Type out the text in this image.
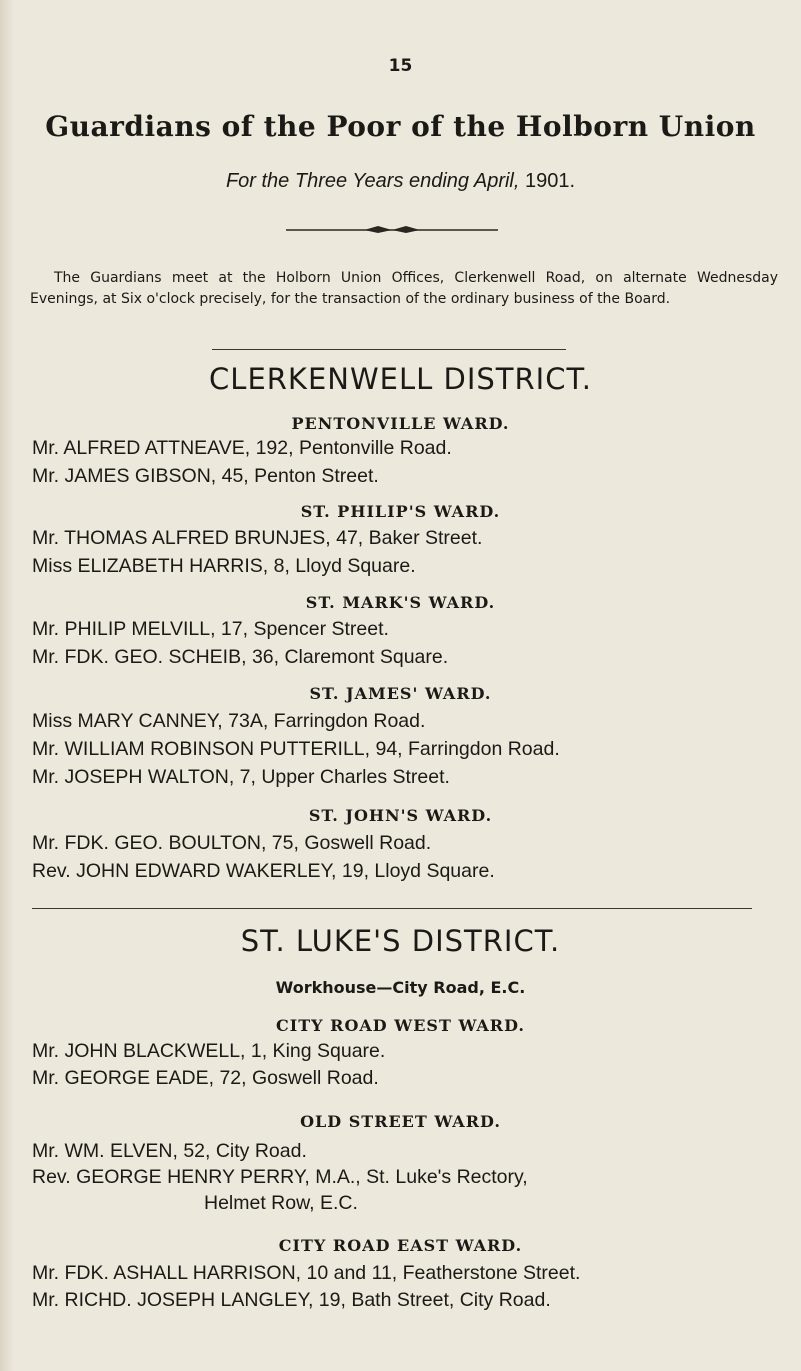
15
Guardians of the Poor of the Holborn Union
For the Three Years ending April, 1901.
The Guardians meet at the Holborn Union Offices, Clerkenwell Road, on alternate Wednesday Evenings, at Six o'clock precisely, for the transaction of the ordinary business of the Board.
CLERKENWELL DISTRICT.
PENTONVILLE WARD.
Mr. ALFRED ATTNEAVE, 192, Pentonville Road.
Mr. JAMES GIBSON, 45, Penton Street.
ST. PHILIP'S WARD.
Mr. THOMAS ALFRED BRUNJES, 47, Baker Street.
Miss ELIZABETH HARRIS, 8, Lloyd Square.
ST. MARK'S WARD.
Mr. PHILIP MELVILL, 17, Spencer Street.
Mr. FDK. GEO. SCHEIB, 36, Claremont Square.
ST. JAMES' WARD.
Miss MARY CANNEY, 73A, Farringdon Road.
Mr. WILLIAM ROBINSON PUTTERILL, 94, Farringdon Road.
Mr. JOSEPH WALTON, 7, Upper Charles Street.
ST. JOHN'S WARD.
Mr. FDK. GEO. BOULTON, 75, Goswell Road.
Rev. JOHN EDWARD WAKERLEY, 19, Lloyd Square.
ST. LUKE'S DISTRICT.
Workhouse—City Road, E.C.
CITY ROAD WEST WARD.
Mr. JOHN BLACKWELL, 1, King Square.
Mr. GEORGE EADE, 72, Goswell Road.
OLD STREET WARD.
Mr. WM. ELVEN, 52, City Road.
Rev. GEORGE HENRY PERRY, M.A., St. Luke's Rectory,
Helmet Row, E.C.
CITY ROAD EAST WARD.
Mr. FDK. ASHALL HARRISON, 10 and 11, Featherstone Street.
Mr. RICHD. JOSEPH LANGLEY, 19, Bath Street, City Road.
